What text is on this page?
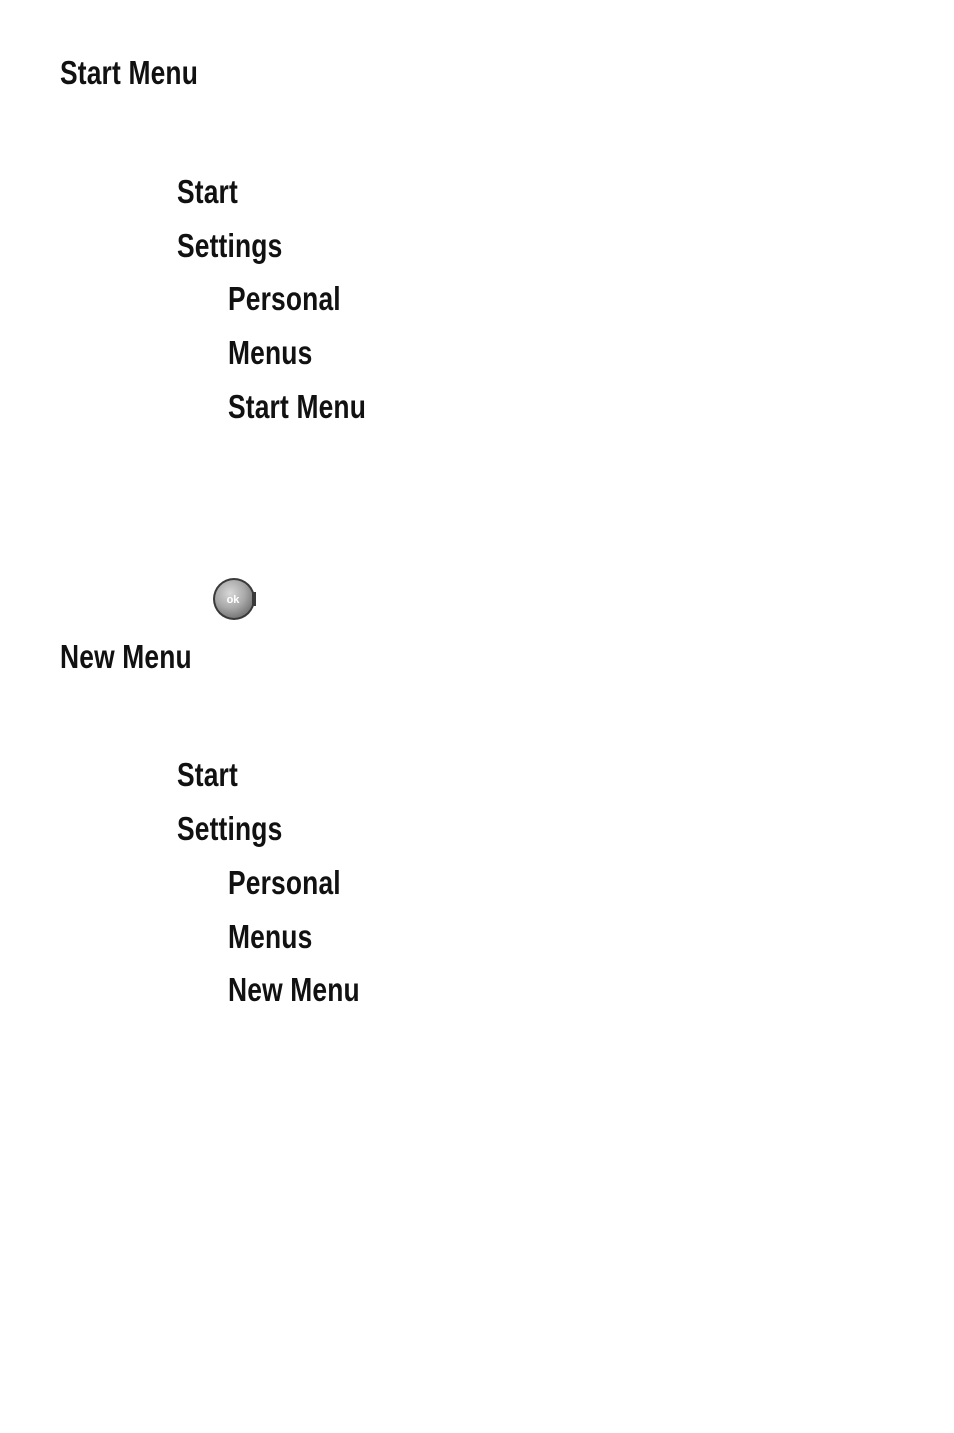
Start Menu
Start
Settings
Personal
Menus
Start Menu
ok
New Menu
Start
Settings
Personal
Menus
New Menu
